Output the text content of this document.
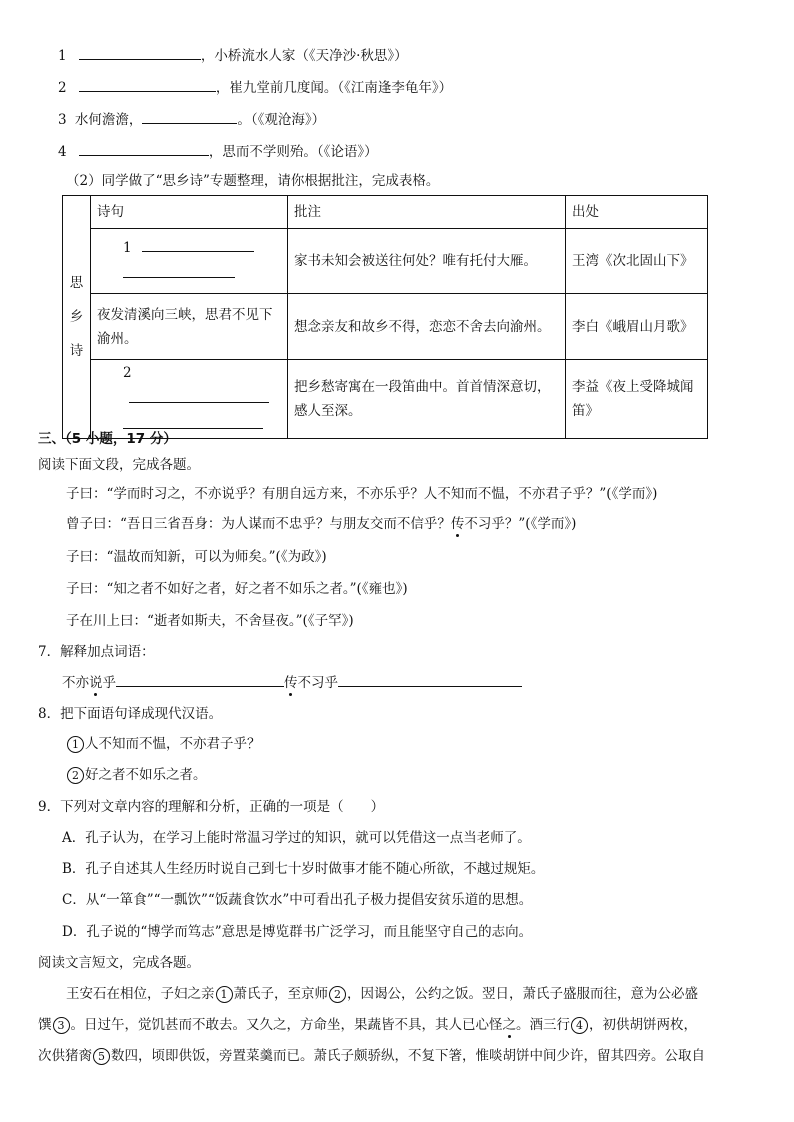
1	，小桥流水人家（《天净沙·秋思》）
2	，崔九堂前几度闻。（《江南逢李龟年》）
3 水何澹澹，	。（《观沧海》）
4	，思而不学则殆。（《论语》）
（2）同学做了“思乡诗”专题整理，请你根据批注，完成表格。
思
乡
诗	诗句	批注	出处

	1	家书未知会被送往何处？唯有托付大雁。	王湾《次北固山下》
	夜发清溪向三峡，思君不见下渝州。	想念亲友和故乡不得，恋恋不舍去向渝州。	李白《峨眉山月歌》

	2	把乡愁寄寓在一段笛曲中。首首情深意切，感人至深。	李益《夜上受降城闻笛》
三、（5 小题，17 分）
阅读下面文段，完成各题。
子曰：“学而时习之，不亦说乎？有朋自远方来，不亦乐乎？人不知而不愠，不亦君子乎？”(《学而》)
曾子曰：“吾日三省吾身：为人谋而不忠乎？与朋友交而不信乎？传不习乎？”(《学而》)
子曰：“温故而知新，可以为师矣。”(《为政》)
子曰：“知之者不如好之者，好之者不如乐之者。”(《雍也》)
子在川上曰：“逝者如斯夫，不舍昼夜。”(《子罕》)
7．解释加点词语：
不亦说乎	传不习乎
8．把下面语句译成现代汉语。
1 人不知而不愠，不亦君子乎？
2 好之者不如乐之者。
9．下列对文章内容的理解和分析，正确的一项是（　　）
A．孔子认为，在学习上能时常温习学过的知识，就可以凭借这一点当老师了。
B．孔子自述其人生经历时说自己到七十岁时做事才能不随心所欲，不越过规矩。
C．从“一箪食”“一瓢饮”“饭蔬食饮水”中可看出孔子极力提倡安贫乐道的思想。
D．孔子说的“博学而笃志”意思是博览群书广泛学习，而且能坚守自己的志向。
阅读文言短文，完成各题。
王安石在相位，子妇之亲 1 萧氏子，至京师 2 ，因谒公，公约之饭。翌日，萧氏子盛服而往，意为公必盛
馔 3 。日过午，觉饥甚而不敢去。又久之，方命坐，果蔬皆不具，其人已心怪之。酒三行 4 ，初供胡饼两枚，
次供猪脔 5 数四，顷即供饭，旁置菜羹而已。萧氏子颇骄纵，不复下箸，惟啖胡饼中间少许，留其四旁。公取自
